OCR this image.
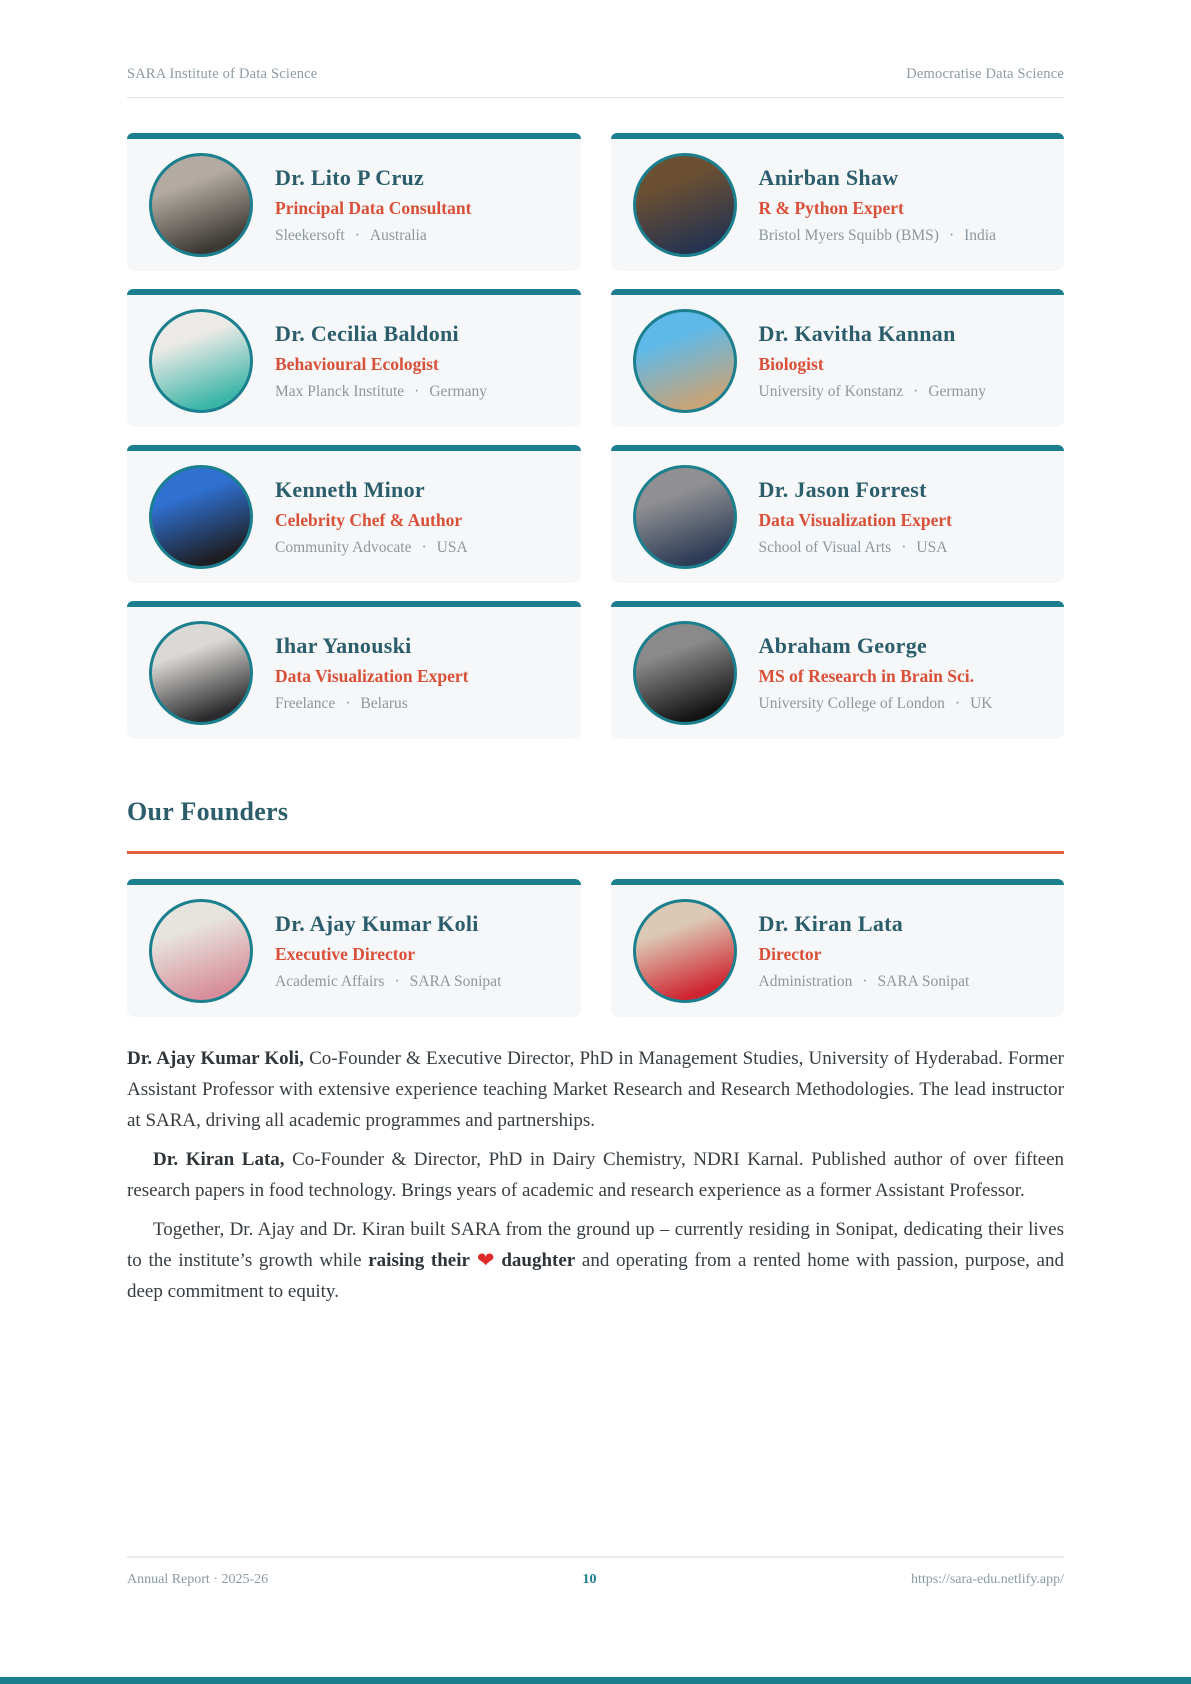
SARA Institute of Data Science	Democratise Data Science
Dr. Lito P Cruz
Principal Data Consultant
Sleekersoft · Australia
Anirban Shaw
R & Python Expert
Bristol Myers Squibb (BMS) · India
Dr. Cecilia Baldoni
Behavioural Ecologist
Max Planck Institute · Germany
Dr. Kavitha Kannan
Biologist
University of Konstanz · Germany
Kenneth Minor
Celebrity Chef & Author
Community Advocate · USA
Dr. Jason Forrest
Data Visualization Expert
School of Visual Arts · USA
Ihar Yanouski
Data Visualization Expert
Freelance · Belarus
Abraham George
MS of Research in Brain Sci.
University College of London · UK
Our Founders
Dr. Ajay Kumar Koli
Executive Director
Academic Affairs · SARA Sonipat
Dr. Kiran Lata
Director
Administration · SARA Sonipat

Dr. Ajay Kumar Koli, Co-Founder & Executive Director, PhD in Management Studies, University of Hyderabad. Former Assistant Professor with extensive experience teaching Market Research and Research Methodologies. The lead instructor at SARA, driving all academic programmes and partnerships.

Dr. Kiran Lata, Co-Founder & Director, PhD in Dairy Chemistry, NDRI Karnal. Published author of over fifteen research papers in food technology. Brings years of academic and research experience as a former Assistant Professor.

Together, Dr. Ajay and Dr. Kiran built SARA from the ground up – currently residing in Sonipat, dedicating their lives to the institute’s growth while raising their ❤ daughter and operating from a rented home with passion, purpose, and deep commitment to equity.

Annual Report · 2025-26	10	https://sara-edu.netlify.app/
